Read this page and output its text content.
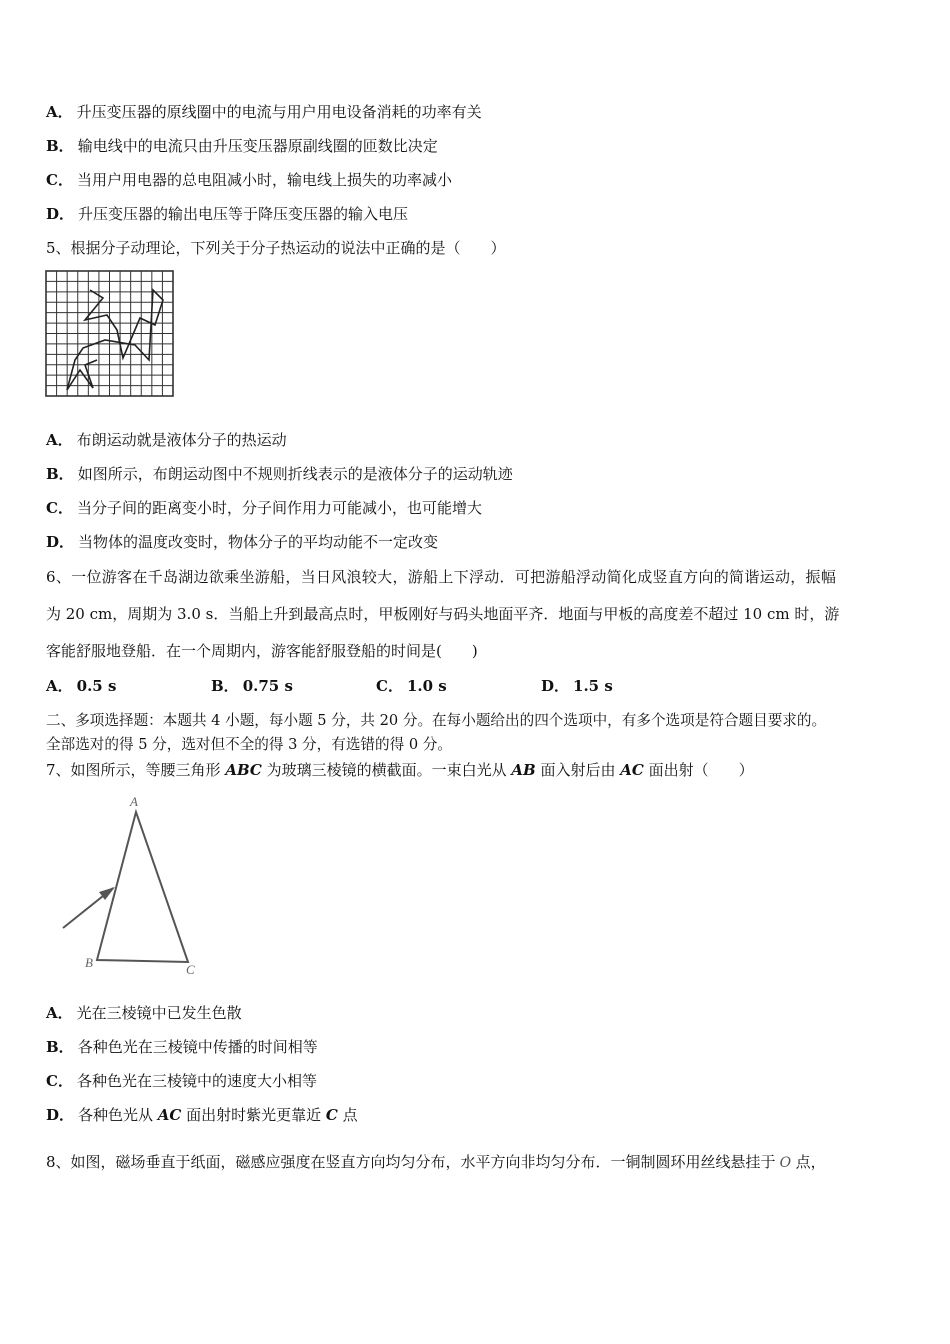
A． 升压变压器的原线圈中的电流与用户用电设备消耗的功率有关
B． 输电线中的电流只由升压变压器原副线圈的匝数比决定
C． 当用户用电器的总电阻减小时，输电线上损失的功率减小
D． 升压变压器的输出电压等于降压变压器的输入电压
5、根据分子动理论，下列关于分子热运动的说法中正确的是（　　）
A． 布朗运动就是液体分子的热运动
B． 如图所示，布朗运动图中不规则折线表示的是液体分子的运动轨迹
C． 当分子间的距离变小时，分子间作用力可能减小，也可能增大
D． 当物体的温度改变时，物体分子的平均动能不一定改变
6、一位游客在千岛湖边欲乘坐游船，当日风浪较大，游船上下浮动．可把游船浮动简化成竖直方向的简谐运动，振幅
为 20 cm，周期为 3.0 s．当船上升到最高点时，甲板刚好与码头地面平齐．地面与甲板的高度差不超过 10 cm 时，游
客能舒服地登船．在一个周期内，游客能舒服登船的时间是(　　)
A． 0.5 s	B． 0.75 s	C． 1.0 s	D． 1.5 s
二、多项选择题：本题共 4 小题，每小题 5 分，共 20 分。在每小题给出的四个选项中，有多个选项是符合题目要求的。
全部选对的得 5 分，选对但不全的得 3 分，有选错的得 0 分。
7、如图所示，等腰三角形 ABC 为玻璃三棱镜的横截面。一束白光从 AB 面入射后由 AC 面出射（　　）
A
B	C
A． 光在三棱镜中已发生色散
B． 各种色光在三棱镜中传播的时间相等
C． 各种色光在三棱镜中的速度大小相等
D． 各种色光从 AC 面出射时紫光更靠近 C 点
8、如图，磁场垂直于纸面，磁感应强度在竖直方向均匀分布，水平方向非均匀分布．一铜制圆环用丝线悬挂于 O 点，
